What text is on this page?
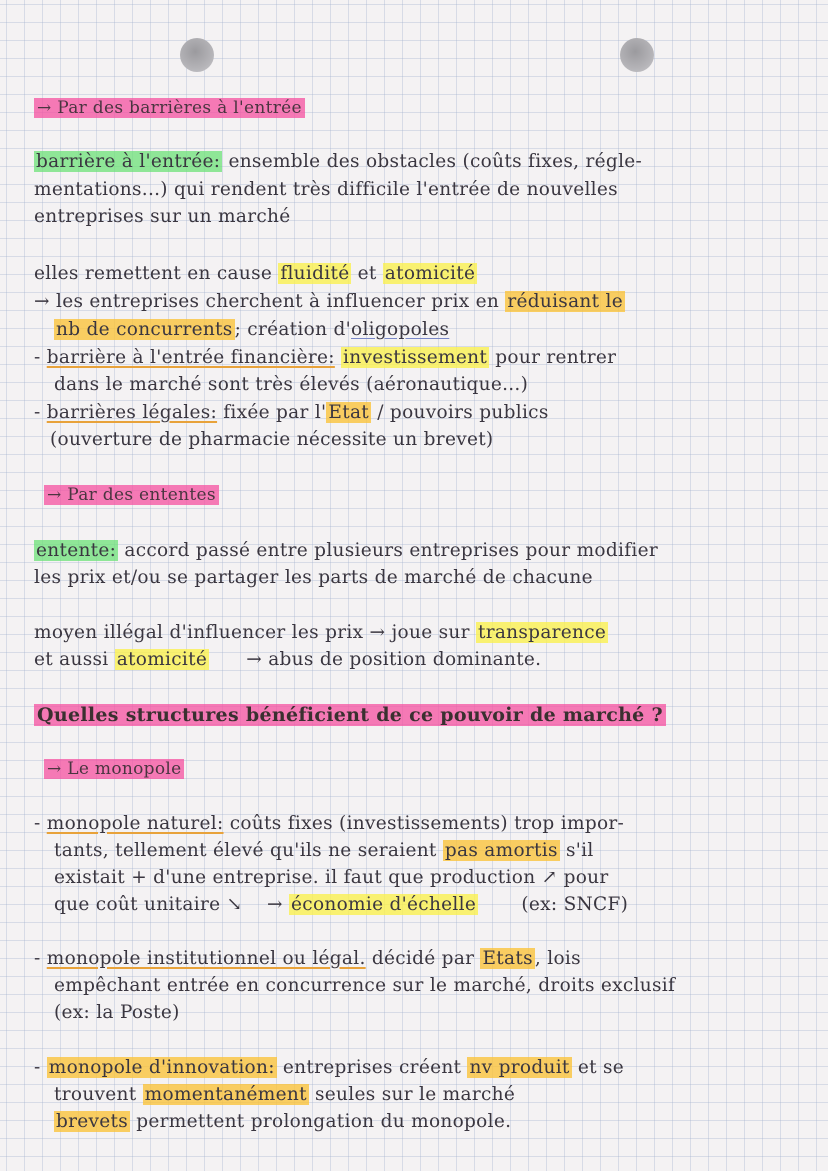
→ Par des barrières à l'entrée
barrière à l'entrée: ensemble des obstacles (coûts fixes, régle-
mentations...) qui rendent très difficile l'entrée de nouvelles
entreprises sur un marché
elles remettent en cause fluidité et atomicité
→ les entreprises cherchent à influencer prix en réduisant le
nb de concurrents ; création d'oligopoles
- barrière à l'entrée financière: investissement pour rentrer
dans le marché sont très élevés (aéronautique...)
- barrières légales: fixée par l' Etat / pouvoirs publics
(ouverture de pharmacie nécessite un brevet)
→ Par des ententes
entente: accord passé entre plusieurs entreprises pour modifier
les prix et/ou se partager les parts de marché de chacune
moyen illégal d'influencer les prix → joue sur transparence
et aussi atomicité      → abus de position dominante.
Quelles structures bénéficient de ce pouvoir de marché ?
→ Le monopole
- monopole naturel: coûts fixes (investissements) trop impor-
tants, tellement élevé qu'ils ne seraient pas amortis s'il
existait + d'une entreprise. il faut que production ↗ pour
que coût unitaire ↘    → économie d'échelle       (ex: SNCF)
- monopole institutionnel ou légal. décidé par Etats , lois
empêchant entrée en concurrence sur le marché, droits exclusif
(ex: la Poste)
- monopole d'innovation: entreprises créent nv produit et se
trouvent momentanément seules sur le marché
brevets permettent prolongation du monopole.
